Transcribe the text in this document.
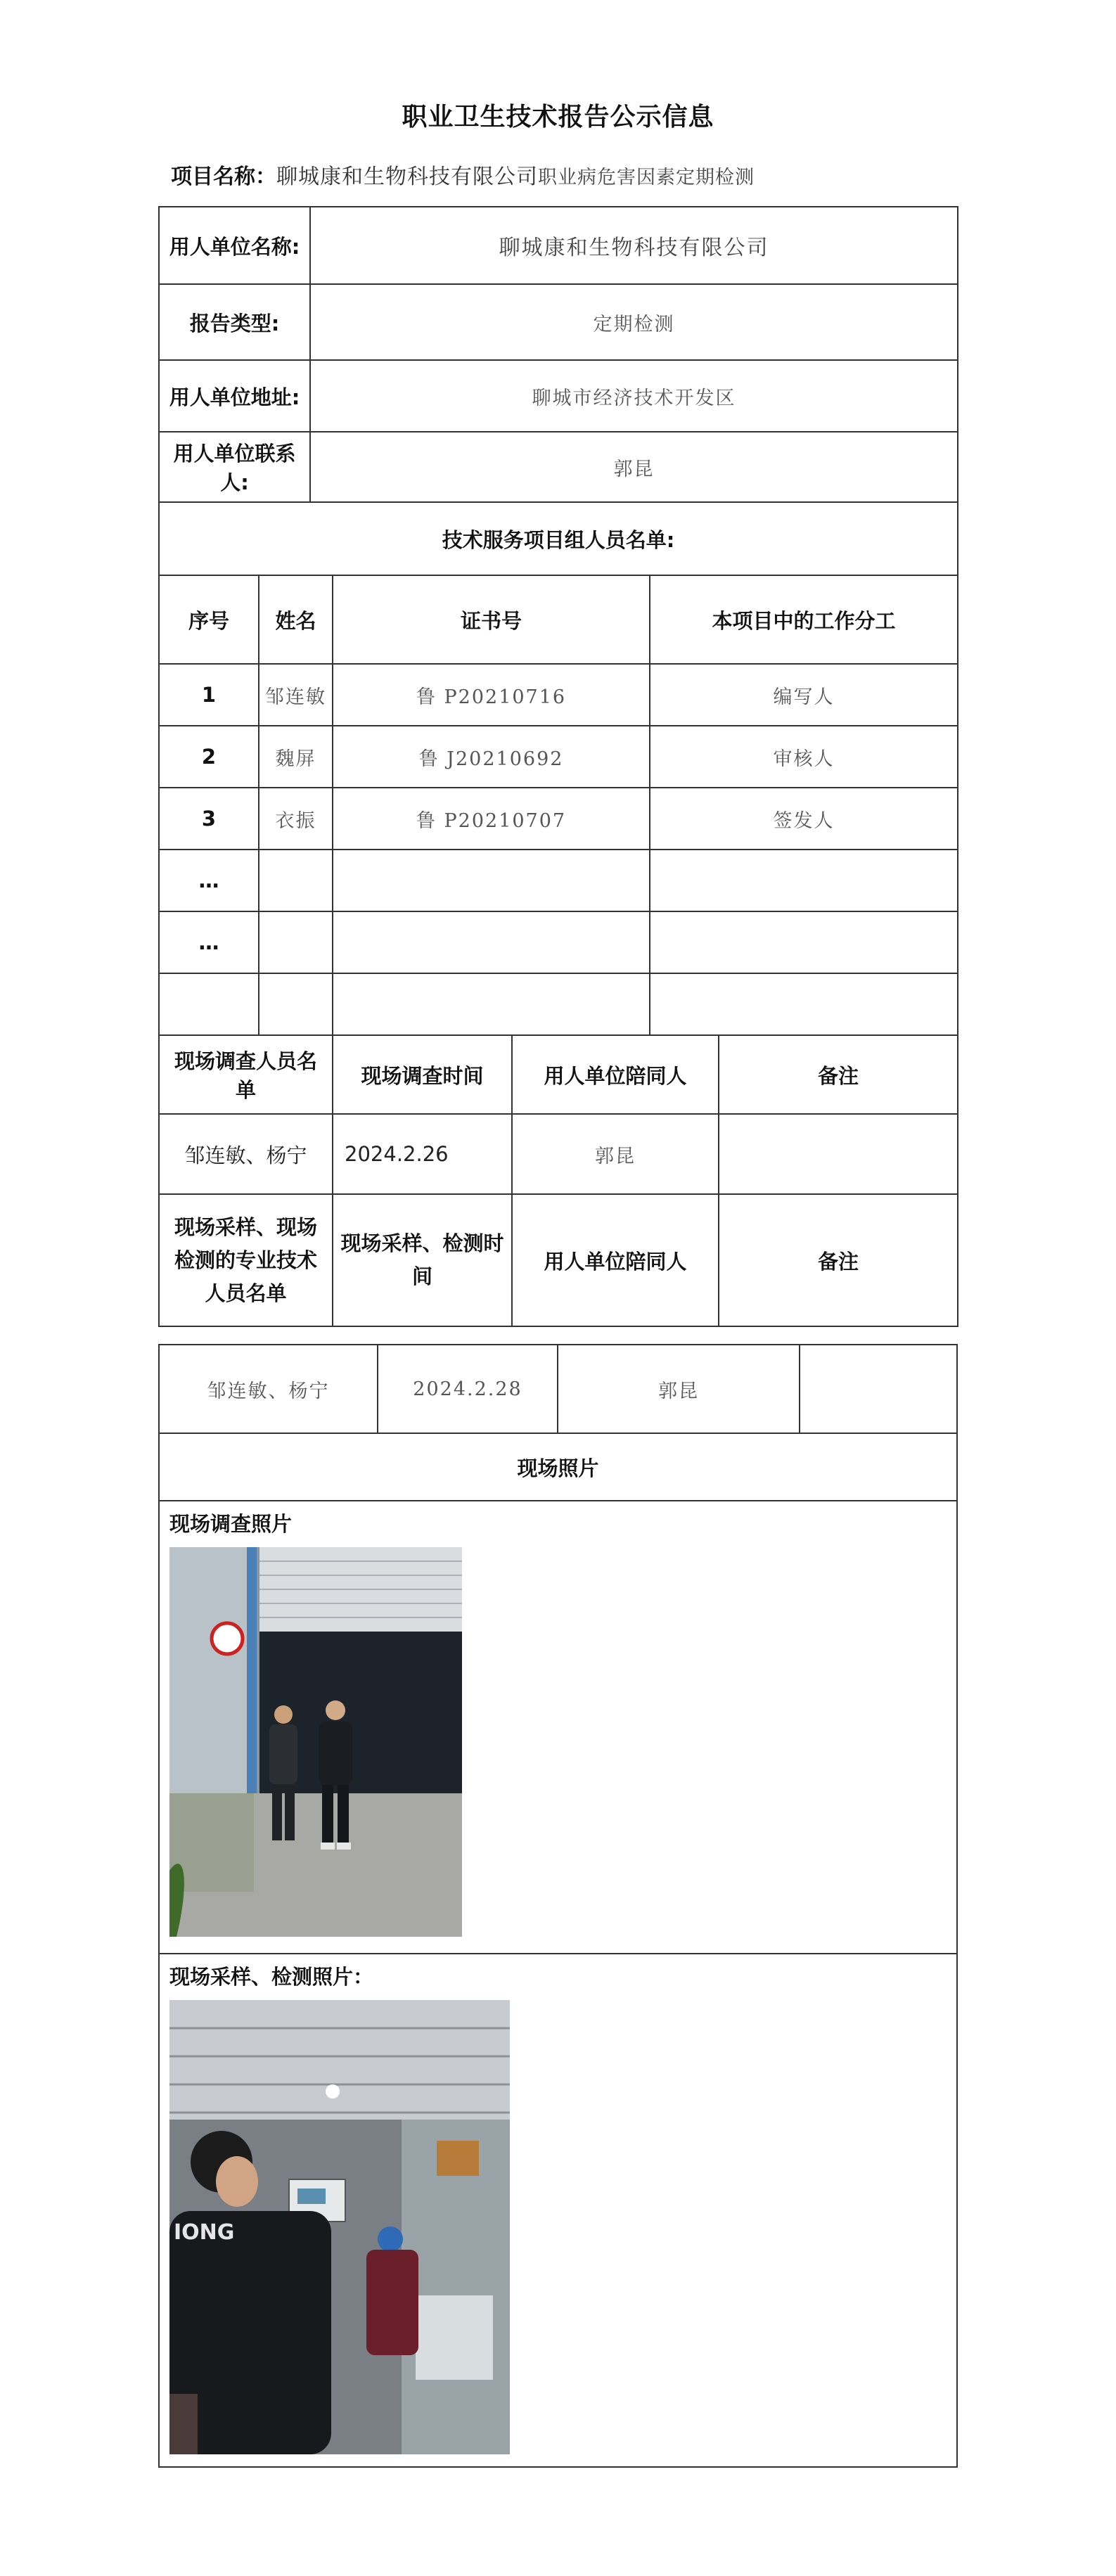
职业卫生技术报告公示信息
项目名称：聊城康和生物科技有限公司职业病危害因素定期检测
用人单位名称:		聊城康和生物科技有限公司				
报告类型:		定期检测				
用人单位地址:		聊城市经济技术开发区				
用人单位联系人:		郭昆				
技术服务项目组人员名单:						
序号	姓名		证书号		本项目中的工作分工	
1	邹连敏		鲁 P20210716		编写人	
2	魏屏		鲁 J20210692		审核人	
3	衣振		鲁 P20210707		签发人	
…						
…						

现场调查人员名单			现场调查时间	用人单位陪同人		备注
邹连敏、杨宁			2024.2.26	郭昆		
现场采样、现场检测的专业技术人员名单			现场采样、检测时间	用人单位陪同人		备注
邹连敏、杨宁	2024.2.28	郭昆	
现场照片

现场调查照片

现场采样、检测照片：
IONG
